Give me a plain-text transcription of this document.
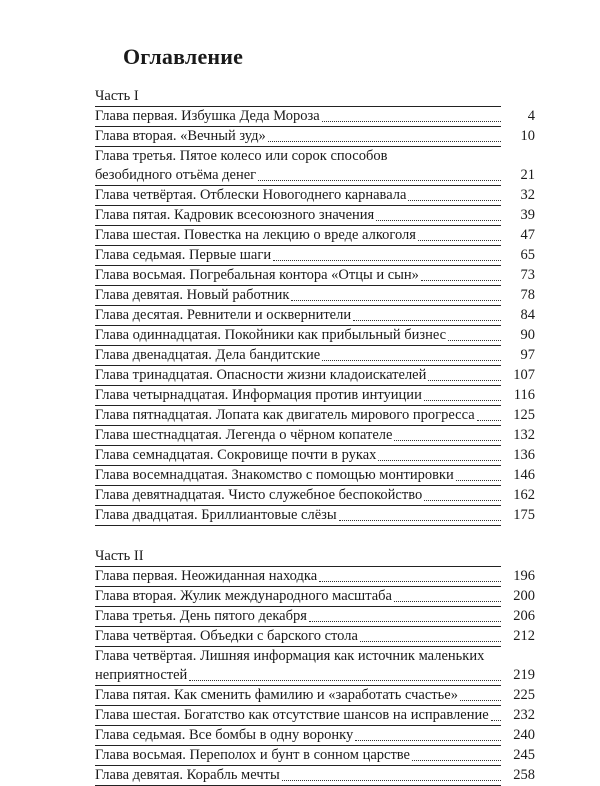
Оглавление
Часть I
Глава первая. Избушка Деда Мороза	4
Глава вторая. «Вечный зуд»	10
Глава третья. Пятое колесо или сорок способов
безобидного отъёма денег	21
Глава четвёртая. Отблески Новогоднего карнавала	32
Глава пятая. Кадровик всесоюзного значения	39
Глава шестая. Повестка на лекцию о вреде алкоголя	47
Глава седьмая. Первые шаги	65
Глава восьмая. Погребальная контора «Отцы и сын»	73
Глава девятая. Новый работник	78
Глава десятая. Ревнители и осквернители	84
Глава одиннадцатая. Покойники как прибыльный бизнес	90
Глава двенадцатая. Дела бандитские	97
Глава тринадцатая. Опасности жизни кладоискателей	107
Глава четырнадцатая. Информация против интуиции	116
Глава пятнадцатая. Лопата как двигатель мирового прогресса	125
Глава шестнадцатая. Легенда о чёрном копателе	132
Глава семнадцатая. Сокровище почти в руках	136
Глава восемнадцатая. Знакомство с помощью монтировки	146
Глава девятнадцатая. Чисто служебное беспокойство	162
Глава двадцатая. Бриллиантовые слёзы	175
Часть II
Глава первая. Неожиданная находка	196
Глава вторая. Жулик международного масштаба	200
Глава третья. День пятого декабря	206
Глава четвёртая. Объедки с барского стола	212
Глава четвёртая. Лишняя информация как источник маленьких
неприятностей	219
Глава пятая. Как сменить фамилию и «заработать счастье»	225
Глава шестая. Богатство как отсутствие шансов на исправление	232
Глава седьмая. Все бомбы в одну воронку	240
Глава восьмая. Переполох и бунт в сонном царстве	245
Глава девятая. Корабль мечты	258
